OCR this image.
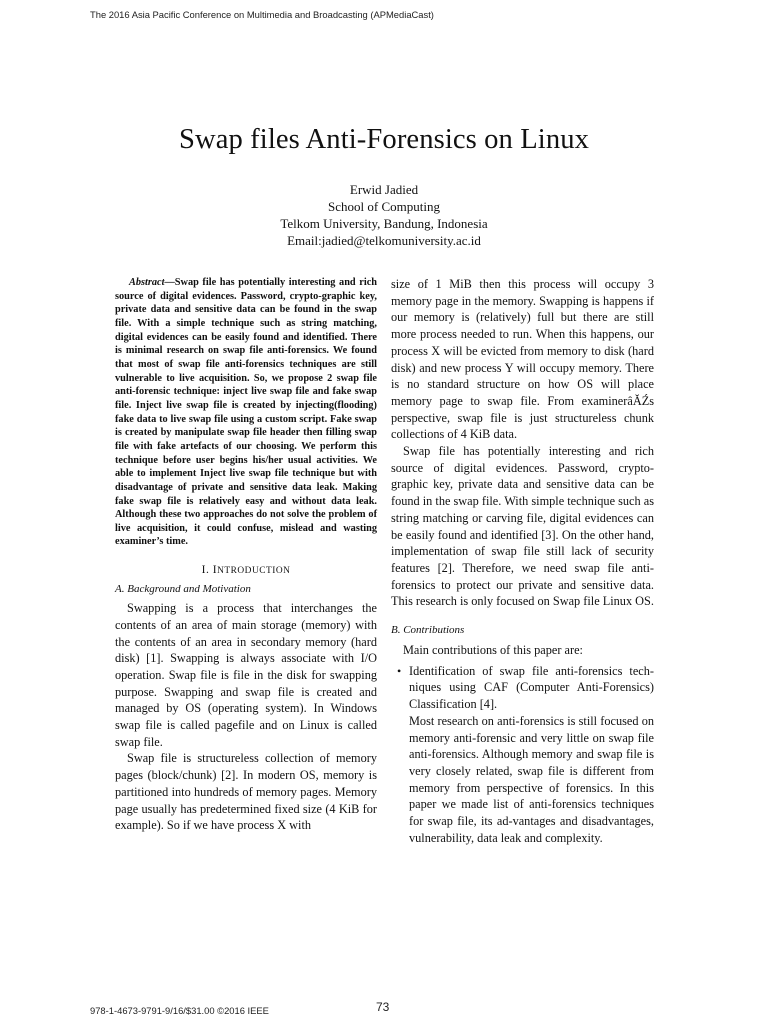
The 2016 Asia Pacific Conference on Multimedia and Broadcasting (APMediaCast)
Swap files Anti-Forensics on Linux
Erwid Jadied
School of Computing
Telkom University, Bandung, Indonesia
Email:jadied@telkomuniversity.ac.id

Abstract—Swap file has potentially interesting and rich source of digital evidences. Password, crypto-graphic key, private data and sensitive data can be found in the swap file. With a simple technique such as string matching, digital evidences can be easily found and identified. There is minimal research on swap file anti-forensics. We found that most of swap file anti-forensics techniques are still vulnerable to live acquisition. So, we propose 2 swap file anti-forensic technique: inject live swap file and fake swap file. Inject live swap file is created by injecting(flooding) fake data to live swap file using a custom script. Fake swap is created by manipulate swap file header then filling swap file with fake artefacts of our choosing. We perform this technique before user begins his/her usual activities. We able to implement Inject live swap file technique but with disadvantage of private and sensitive data leak. Making fake swap file is relatively easy and without data leak. Although these two approaches do not solve the problem of live acquisition, it could confuse, mislead and wasting examiner’s time.

I. INTRODUCTION
A. Background and Motivation

Swapping is a process that interchanges the contents of an area of main storage (memory) with the contents of an area in secondary memory (hard disk) [1]. Swapping is always associate with I/O operation. Swap file is file in the disk for swapping purpose. Swapping and swap file is created and managed by OS (operating system). In Windows swap file is called pagefile and on Linux is called swap file.

Swap file is structureless collection of memory pages (block/chunk) [2]. In modern OS, memory is partitioned into hundreds of memory pages. Memory page usually has predetermined fixed size (4 KiB for example). So if we have process X with

size of 1 MiB then this process will occupy 3 memory page in the memory. Swapping is happens if our memory is (relatively) full but there are still more process needed to run. When this happens, our process X will be evicted from memory to disk (hard disk) and new process Y will occupy memory. There is no standard structure on how OS will place memory page to swap file. From examinerâĂŹs perspective, swap file is just structureless chunk collections of 4 KiB data.

Swap file has potentially interesting and rich source of digital evidences. Password, crypto-graphic key, private data and sensitive data can be found in the swap file. With simple technique such as string matching or carving file, digital evidences can be easily found and identified [3]. On the other hand, implementation of swap file still lack of security features [2]. Therefore, we need swap file anti-forensics to protect our private and sensitive data. This research is only focused on Swap file Linux OS.

B. Contributions

Main contributions of this paper are:

• Identification of swap file anti-forensics tech-niques using CAF (Computer Anti-Forensics) Classification [4].

Most research on anti-forensics is still focused on memory anti-forensic and very little on swap file anti-forensics. Although memory and swap file is very closely related, swap file is different from memory from perspective of forensics. In this paper we made list of anti-forensics techniques for swap file, its ad-vantages and disadvantages, vulnerability, data leak and complexity.

978-1-4673-9791-9/16/$31.00 ©2016 IEEE	73
